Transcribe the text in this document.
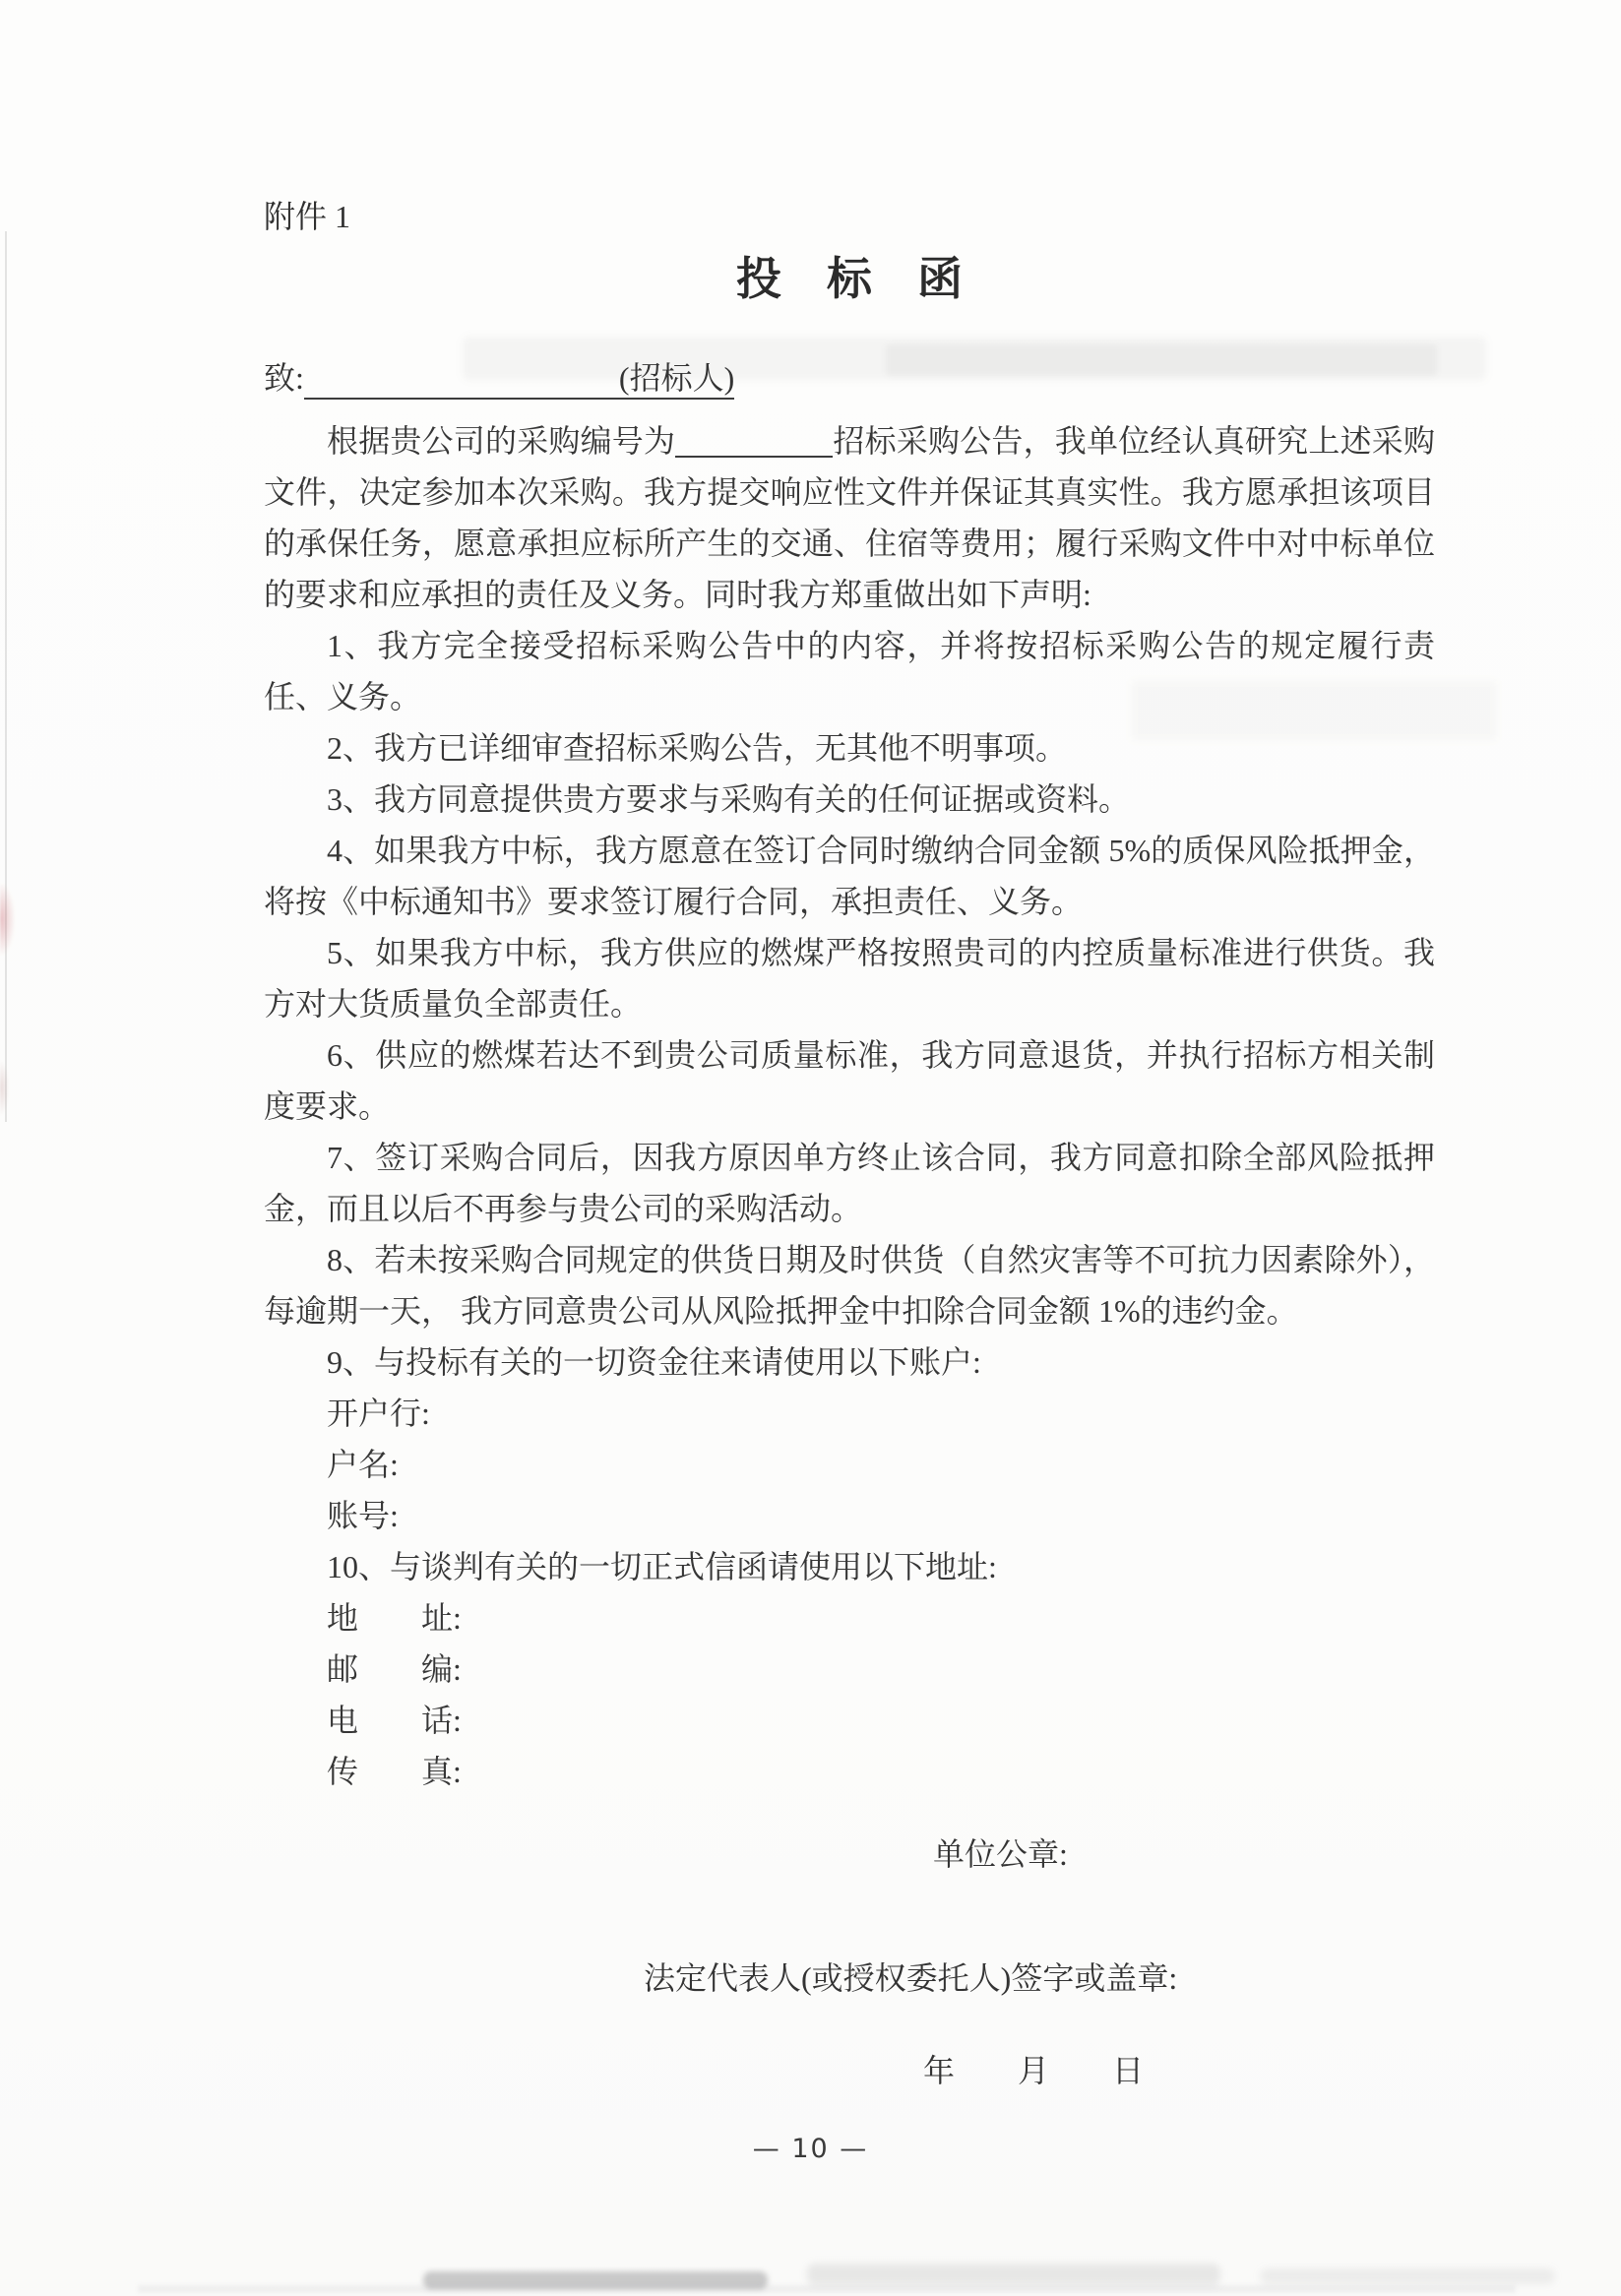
附件 1
投　标　函
致:　　　　　　　　　　	(招标人)

根据贵公司的采购编号为　　　	招标采购公告，我单位经认真研究上述采购文件，决定参加本次采购。我方提交响应性文件并保证其真实性。我方愿承担该项目的承保任务，愿意承担应标所产生的交通、住宿等费用；履行采购文件中对中标单位的要求和应承担的责任及义务。同时我方郑重做出如下声明:

1、我方完全接受招标采购公告中的内容，并将按招标采购公告的规定履行责任、义务。

2、我方已详细审查招标采购公告，无其他不明事项。

3、我方同意提供贵方要求与采购有关的任何证据或资料。

4、如果我方中标，我方愿意在签订合同时缴纳合同金额 5%的质保风险抵押金，将按《中标通知书》要求签订履行合同，承担责任、义务。

5、如果我方中标，我方供应的燃煤严格按照贵司的内控质量标准进行供货。我方对大货质量负全部责任。

6、供应的燃煤若达不到贵公司质量标准，我方同意退货，并执行招标方相关制度要求。

7、签订采购合同后，因我方原因单方终止该合同，我方同意扣除全部风险抵押金，而且以后不再参与贵公司的采购活动。

8、若未按采购合同规定的供货日期及时供货（自然灾害等不可抗力因素除外），每逾期一天， 我方同意贵公司从风险抵押金中扣除合同金额 1%的违约金。

9、与投标有关的一切资金往来请使用以下账户:

开户行:

户名:

账号:

10、与谈判有关的一切正式信函请使用以下地址:

地　　址:

邮　　编:

电　　话:

传　　真:

单位公章:
法定代表人(或授权委托人)签字或盖章:
年　　月　　日
— 10 —
